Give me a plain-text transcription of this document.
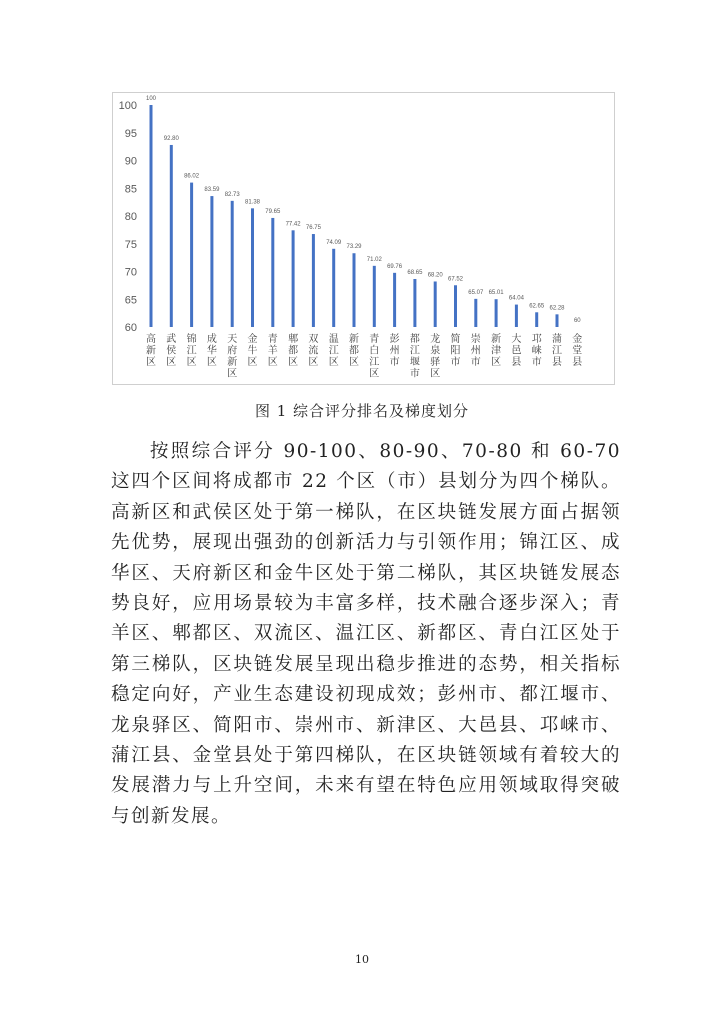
60
65
70
75
80
85
90
95
100
100
高新区
92.80
武侯区
86.02
锦江区
83.59
成华区
82.73
天府新区
81.38
金牛区
79.65
青羊区
77.42
郫都区
76.75
双流区
74.09
温江区
73.29
新都区
71.02
青白江区
69.76
彭州市
68.65
都江堰市
68.20
龙泉驿区
67.52
简阳市
65.07
崇州市
65.01
新津区
64.04
大邑县
62.65
邛崃市
62.28
蒲江县
60
金堂县
图 1 综合评分排名及梯度划分

按照综合评分 90-100、80-90、70-80 和 60-70 这四个区间将成都市 22 个区（市）县划分为四个梯队。高新区和武侯区处于第一梯队，在区块链发展方面占据领先优势，展现出强劲的创新活力与引领作用；锦江区、成华区、天府新区和金牛区处于第二梯队，其区块链发展态势良好，应用场景较为丰富多样，技术融合逐步深入；青羊区、郫都区、双流区、温江区、新都区、青白江区处于第三梯队，区块链发展呈现出稳步推进的态势，相关指标稳定向好，产业生态建设初现成效；彭州市、都江堰市、龙泉驿区、简阳市、崇州市、新津区、大邑县、邛崃市、蒲江县、金堂县处于第四梯队，在区块链领域有着较大的发展潜力与上升空间，未来有望在特色应用领域取得突破与创新发展。

10
